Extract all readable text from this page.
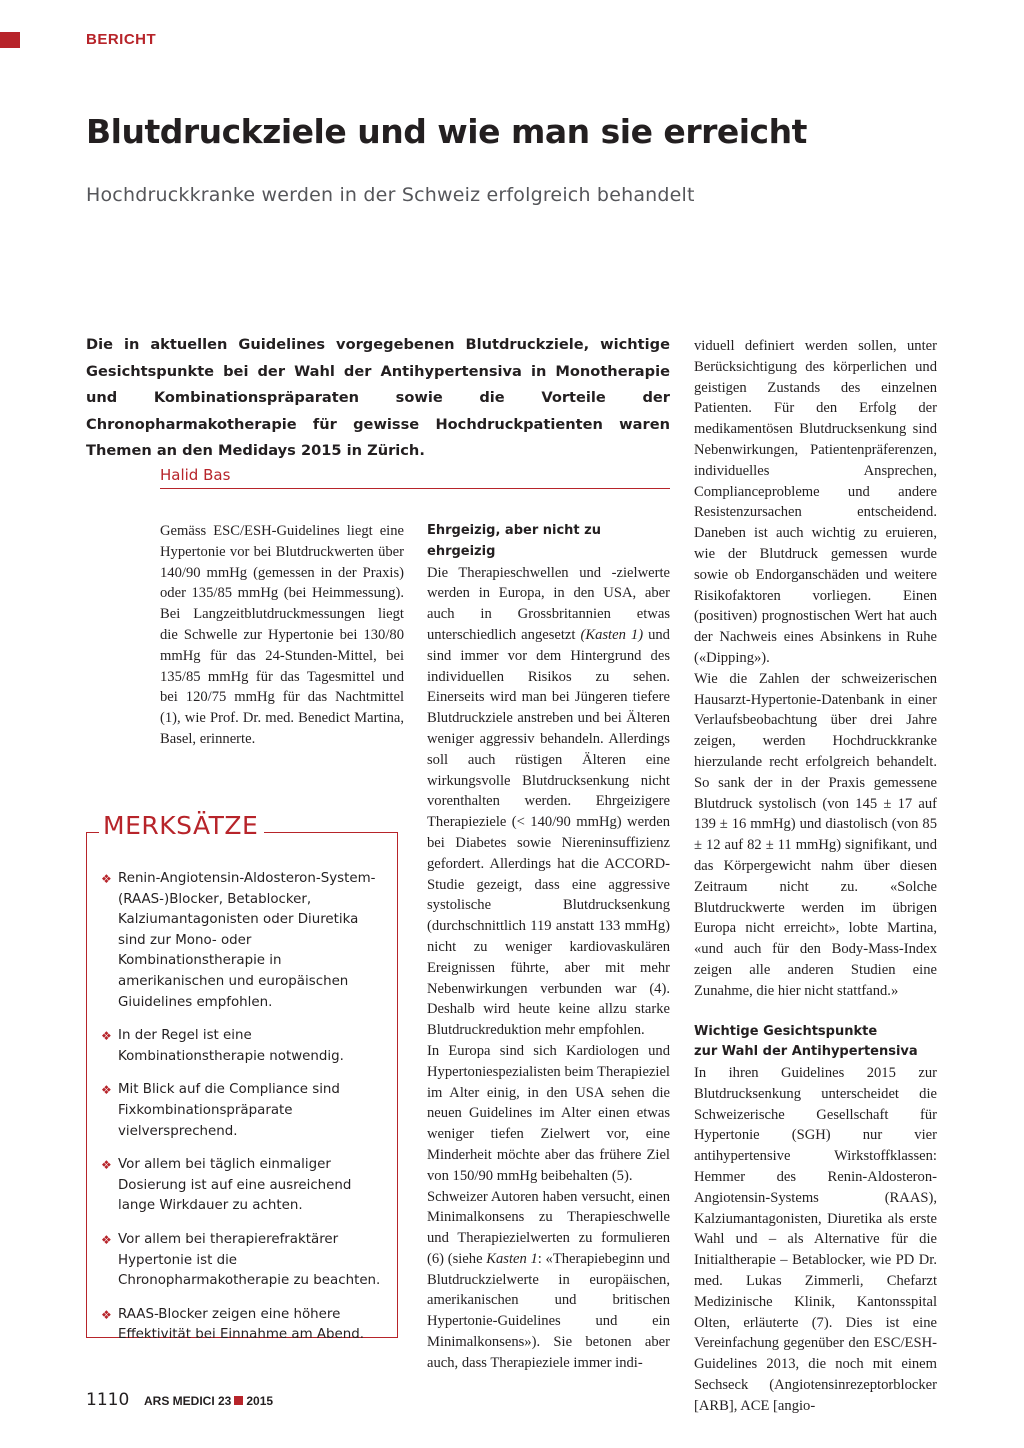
BERICHT
Blutdruckziele und wie man sie erreicht
Hochdruckkranke werden in der Schweiz erfolgreich behandelt

Die in aktuellen Guidelines vorgegebenen Blutdruckziele, wichtige Gesichtspunkte bei der Wahl der Antihypertensiva in Monotherapie und Kombinationspräparaten sowie die Vorteile der Chronopharmakotherapie für gewisse Hochdruckpatienten waren Themen an den Medidays 2015 in Zürich.

Halid Bas

Gemäss ESC/ESH-Guidelines liegt eine Hypertonie vor bei Blutdruckwerten über 140/90 mmHg (gemessen in der Praxis) oder 135/85 mmHg (bei Heimmessung). Bei Langzeitblutdruckmessungen liegt die Schwelle zur Hypertonie bei 130/80 mmHg für das 24-Stunden-Mittel, bei 135/85 mmHg für das Tagesmittel und bei 120/75 mmHg für das Nachtmittel (1), wie Prof. Dr. med. Benedict Martina, Basel, erinnerte.

Ehrgeizig, aber nicht zu ehrgeizig

Die Therapieschwellen und -zielwerte werden in Europa, in den USA, aber auch in Grossbritannien etwas unterschiedlich angesetzt (Kasten 1) und sind immer vor dem Hintergrund des individuellen Risikos zu sehen. Einerseits wird man bei Jüngeren tiefere Blutdruckziele anstreben und bei Älteren weniger aggressiv behandeln. Allerdings soll auch rüstigen Älteren eine wirkungsvolle Blutdrucksenkung nicht vorenthalten werden. Ehrgeizigere Therapieziele (< 140/90 mmHg) werden bei Diabetes sowie Niereninsuffizienz gefordert. Allerdings hat die ACCORD-Studie gezeigt, dass eine aggressive systolische Blutdrucksenkung (durchschnittlich 119 anstatt 133 mmHg) nicht zu weniger kardiovaskulären Ereignissen führte, aber mit mehr Nebenwirkungen verbunden war (4). Deshalb wird heute keine allzu starke Blutdruckreduktion mehr empfohlen.

In Europa sind sich Kardiologen und Hypertoniespezialisten beim Therapieziel im Alter einig, in den USA sehen die neuen Guidelines im Alter einen etwas weniger tiefen Zielwert vor, eine Minderheit möchte aber das frühere Ziel von 150/90 mmHg beibehalten (5).

Schweizer Autoren haben versucht, einen Minimalkonsens zu Therapieschwelle und Therapiezielwerten zu formulieren (6) (siehe Kasten 1: «Therapiebeginn und Blutdruckzielwerte in europäischen, amerikanischen und britischen Hypertonie-Guidelines und ein Minimalkonsens»). Sie betonen aber auch, dass Therapieziele immer indi-

viduell definiert werden sollen, unter Berücksichtigung des körperlichen und geistigen Zustands des einzelnen Patienten. Für den Erfolg der medikamentösen Blutdrucksenkung sind Nebenwirkungen, Patientenpräferenzen, individuelles Ansprechen, Complianceprobleme und andere Resistenzursachen entscheidend. Daneben ist auch wichtig zu eruieren, wie der Blutdruck gemessen wurde sowie ob Endorganschäden und weitere Risikofaktoren vorliegen. Einen (positiven) prognostischen Wert hat auch der Nachweis eines Absinkens in Ruhe («Dipping»).

Wie die Zahlen der schweizerischen Hausarzt-Hypertonie-Datenbank in einer Verlaufsbeobachtung über drei Jahre zeigen, werden Hochdruckkranke hierzulande recht erfolgreich behandelt. So sank der in der Praxis gemessene Blutdruck systolisch (von 145 ± 17 auf 139 ± 16 mmHg) und diastolisch (von 85 ± 12 auf 82 ± 11 mmHg) signifikant, und das Körpergewicht nahm über diesen Zeitraum nicht zu. «Solche Blutdruckwerte werden im übrigen Europa nicht erreicht», lobte Martina, «und auch für den Body-Mass-Index zeigen alle anderen Studien eine Zunahme, die hier nicht stattfand.»

Wichtige Gesichtspunkte
zur Wahl der Antihypertensiva

In ihren Guidelines 2015 zur Blutdrucksenkung unterscheidet die Schweizerische Gesellschaft für Hypertonie (SGH) nur vier antihypertensive Wirkstoffklassen: Hemmer des Renin-Aldosteron-Angiotensin-Systems (RAAS), Kalziumantagonisten, Diuretika als erste Wahl und – als Alternative für die Initialtherapie – Betablocker, wie PD Dr. med. Lukas Zimmerli, Chefarzt Medizinische Klinik, Kantonsspital Olten, erläuterte (7). Dies ist eine Vereinfachung gegenüber den ESC/ESH-Guidelines 2013, die noch mit einem Sechseck (Angiotensinrezeptorblocker [ARB], ACE [angio-

MERKSÄTZE
❖ Renin-Angiotensin-Aldosteron-System-(RAAS-)Blocker, Betablocker, Kalziumantagonisten oder Diuretika sind zur Mono- oder Kombinationstherapie in amerikanischen und europäischen Giuidelines empfohlen.
❖ In der Regel ist eine Kombinationstherapie notwendig.
❖ Mit Blick auf die Compliance sind Fixkombinationspräparate vielversprechend.
❖ Vor allem bei täglich einmaliger Dosierung ist auf eine ausreichend lange Wirkdauer zu achten.
❖ Vor allem bei therapierefraktärer Hypertonie ist die Chronopharmakotherapie zu beachten.
❖ RAAS-Blocker zeigen eine höhere Effektivität bei Einnahme am Abend.
1110 ARS MEDICI 23 2015
